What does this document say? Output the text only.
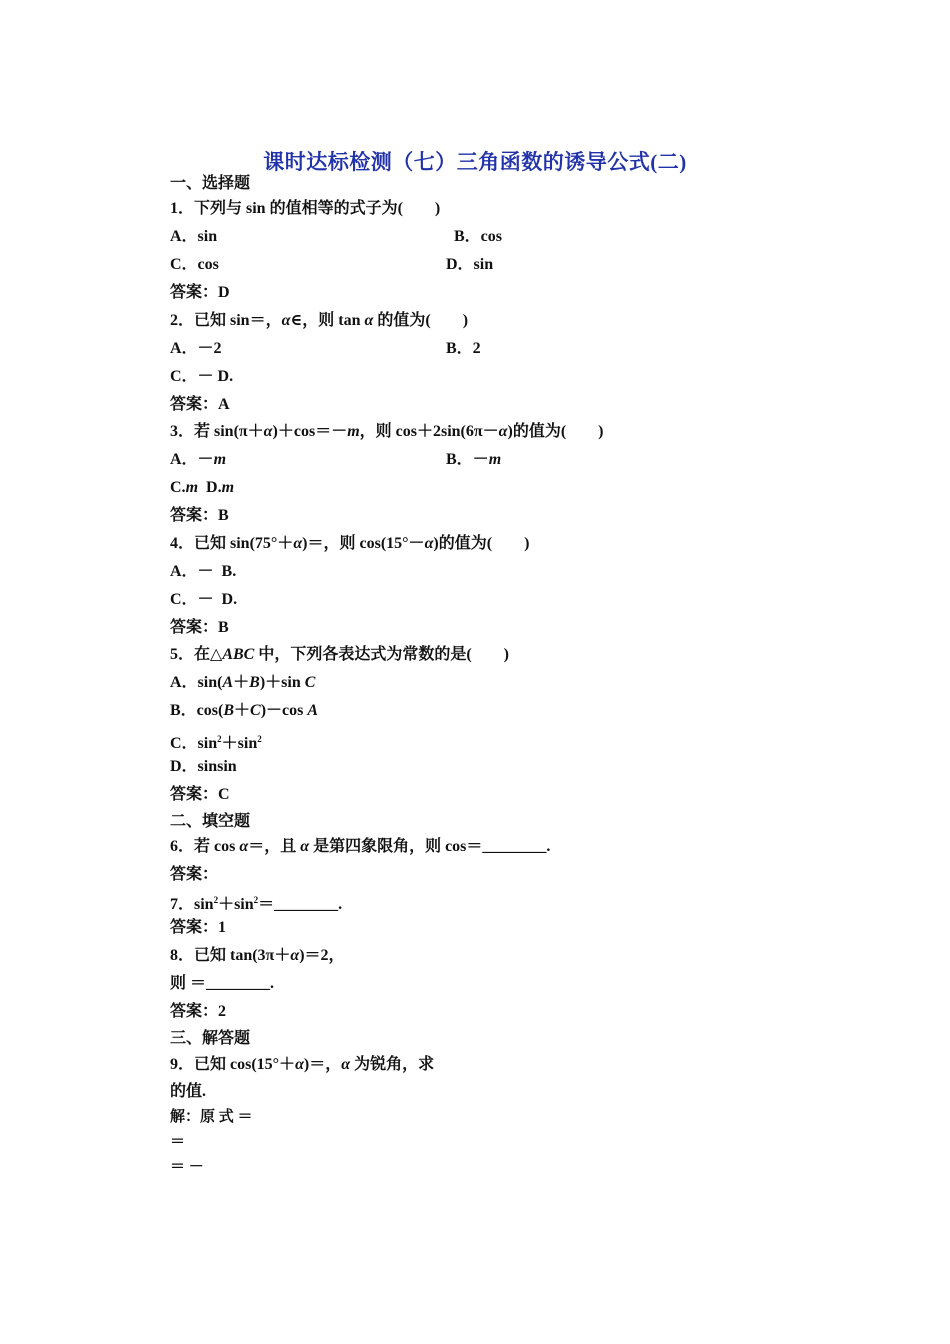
课时达标检测（七）三角函数的诱导公式(二)
一、选择题
1．下列与 sin 的值相等的式子为(　　)
A．sin	B．cos
C．cos	D．sin
答案：D
2．已知 sin＝，α∈，则 tan α 的值为(　　)
A．－2	B．2
C．－ D.
答案：A
3．若 sin(π＋α)＋cos＝－m，则 cos＋2sin(6π－α)的值为(　　)
A．－m	B．－m
C.m  D.m
答案：B
4．已知 sin(75°＋α)＝，则 cos(15°－α)的值为(　　)
A．－  B.
C．－  D.
答案：B
5．在△ABC 中，下列各表达式为常数的是(　　)
A．sin(A＋B)＋sin C
B．cos(B＋C)－cos A
C．$\sin^2+\sin^2$
D．sinsin
答案：C
二、填空题
6．若 cos α＝，且 α 是第四象限角，则 cos＝________.
答案：
7．$\sin^2+\sin^2=\_\_\_\_\_\_\_\_$.
答案：1
8．已知 tan(3π＋α)＝2，
则 ＝________.
答案：2
三、解答题
9．已知 cos(15°＋α)＝，α 为锐角，求
的值.
解：原 式 ＝
＝
＝ －
